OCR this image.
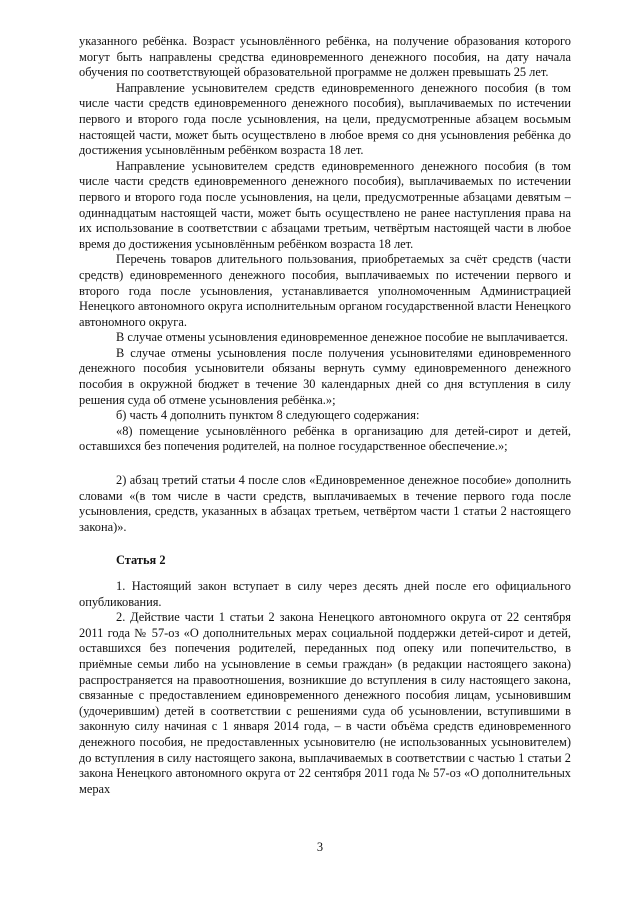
указанного ребёнка. Возраст усыновлённого ребёнка, на получение образования которого могут быть направлены средства единовременного денежного пособия, на дату начала обучения по соответствующей образовательной программе не должен превышать 25 лет.

Направление усыновителем средств единовременного денежного пособия (в том числе части средств единовременного денежного пособия), выплачиваемых по истечении первого и второго года после усыновления, на цели, предусмотренные абзацем восьмым настоящей части, может быть осуществлено в любое время со дня усыновления ребёнка до достижения усыновлённым ребёнком возраста 18 лет.

Направление усыновителем средств единовременного денежного пособия (в том числе части средств единовременного денежного пособия), выплачиваемых по истечении первого и второго года после усыновления, на цели, предусмотренные абзацами девятым – одиннадцатым настоящей части, может быть осуществлено не ранее наступления права на их использование в соответствии с абзацами третьим, четвёртым настоящей части в любое время до достижения усыновлённым ребёнком возраста 18 лет.

Перечень товаров длительного пользования, приобретаемых за счёт средств (части средств) единовременного денежного пособия, выплачиваемых по истечении первого и второго года после усыновления, устанавливается уполномоченным Администрацией Ненецкого автономного округа исполнительным органом государственной власти Ненецкого автономного округа.

В случае отмены усыновления единовременное денежное пособие не выплачивается.

В случае отмены усыновления после получения усыновителями единовременного денежного пособия усыновители обязаны вернуть сумму единовременного денежного пособия в окружной бюджет в течение 30 календарных дней со дня вступления в силу решения суда об отмене усыновления ребёнка.»;

б) часть 4 дополнить пунктом 8 следующего содержания:

«8) помещение усыновлённого ребёнка в организацию для детей-сирот и детей, оставшихся без попечения родителей, на полное государственное обеспечение.»;

2) абзац третий статьи 4 после слов «Единовременное денежное пособие» дополнить словами «(в том числе в части средств, выплачиваемых в течение первого года после усыновления, средств, указанных в абзацах третьем, четвёртом части 1 статьи 2 настоящего закона)».

Статья 2

1. Настоящий закон вступает в силу через десять дней после его официального опубликования.

2. Действие части 1 статьи 2 закона Ненецкого автономного округа от 22 сентября 2011 года № 57-оз «О дополнительных мерах социальной поддержки детей-сирот и детей, оставшихся без попечения родителей, переданных под опеку или попечительство, в приёмные семьи либо на усыновление в семьи граждан» (в редакции настоящего закона) распространяется на правоотношения, возникшие до вступления в силу настоящего закона, связанные с предоставлением единовременного денежного пособия лицам, усыновившим (удочерившим) детей в соответствии с решениями суда об усыновлении, вступившими в законную силу начиная с 1 января 2014 года, – в части объёма средств единовременного денежного пособия, не предоставленных усыновителю (не использованных усыновителем) до вступления в силу настоящего закона, выплачиваемых в соответствии с частью 1 статьи 2 закона Ненецкого автономного округа от 22 сентября 2011 года № 57-оз «О дополнительных мерах

3
